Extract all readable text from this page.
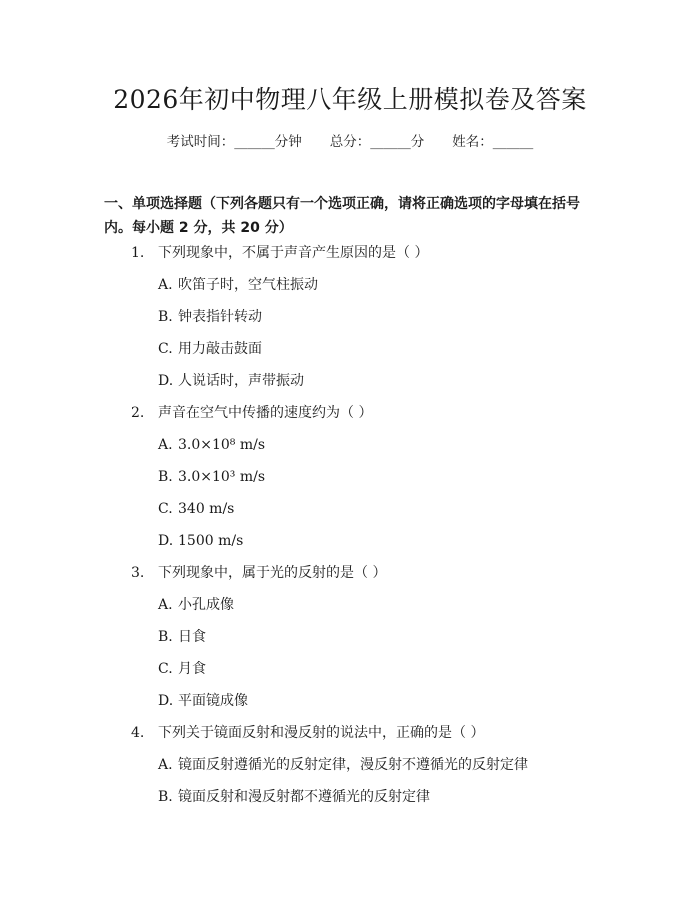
2026年初中物理八年级上册模拟卷及答案
考试时间：______分钟 总分：______分 姓名：______
一、单项选择题（下列各题只有一个选项正确，请将正确选项的字母填在括号内。每小题 2 分，共 20 分）
1. 下列现象中，不属于声音产生原因的是（ ）
A. 吹笛子时，空气柱振动
B. 钟表指针转动
C. 用力敲击鼓面
D. 人说话时，声带振动
2. 声音在空气中传播的速度约为（ ）
A. 3.0×10⁸ m/s
B. 3.0×10³ m/s
C. 340 m/s
D. 1500 m/s
3. 下列现象中，属于光的反射的是（ ）
A. 小孔成像
B. 日食
C. 月食
D. 平面镜成像
4. 下列关于镜面反射和漫反射的说法中，正确的是（ ）
A. 镜面反射遵循光的反射定律，漫反射不遵循光的反射定律
B. 镜面反射和漫反射都不遵循光的反射定律
